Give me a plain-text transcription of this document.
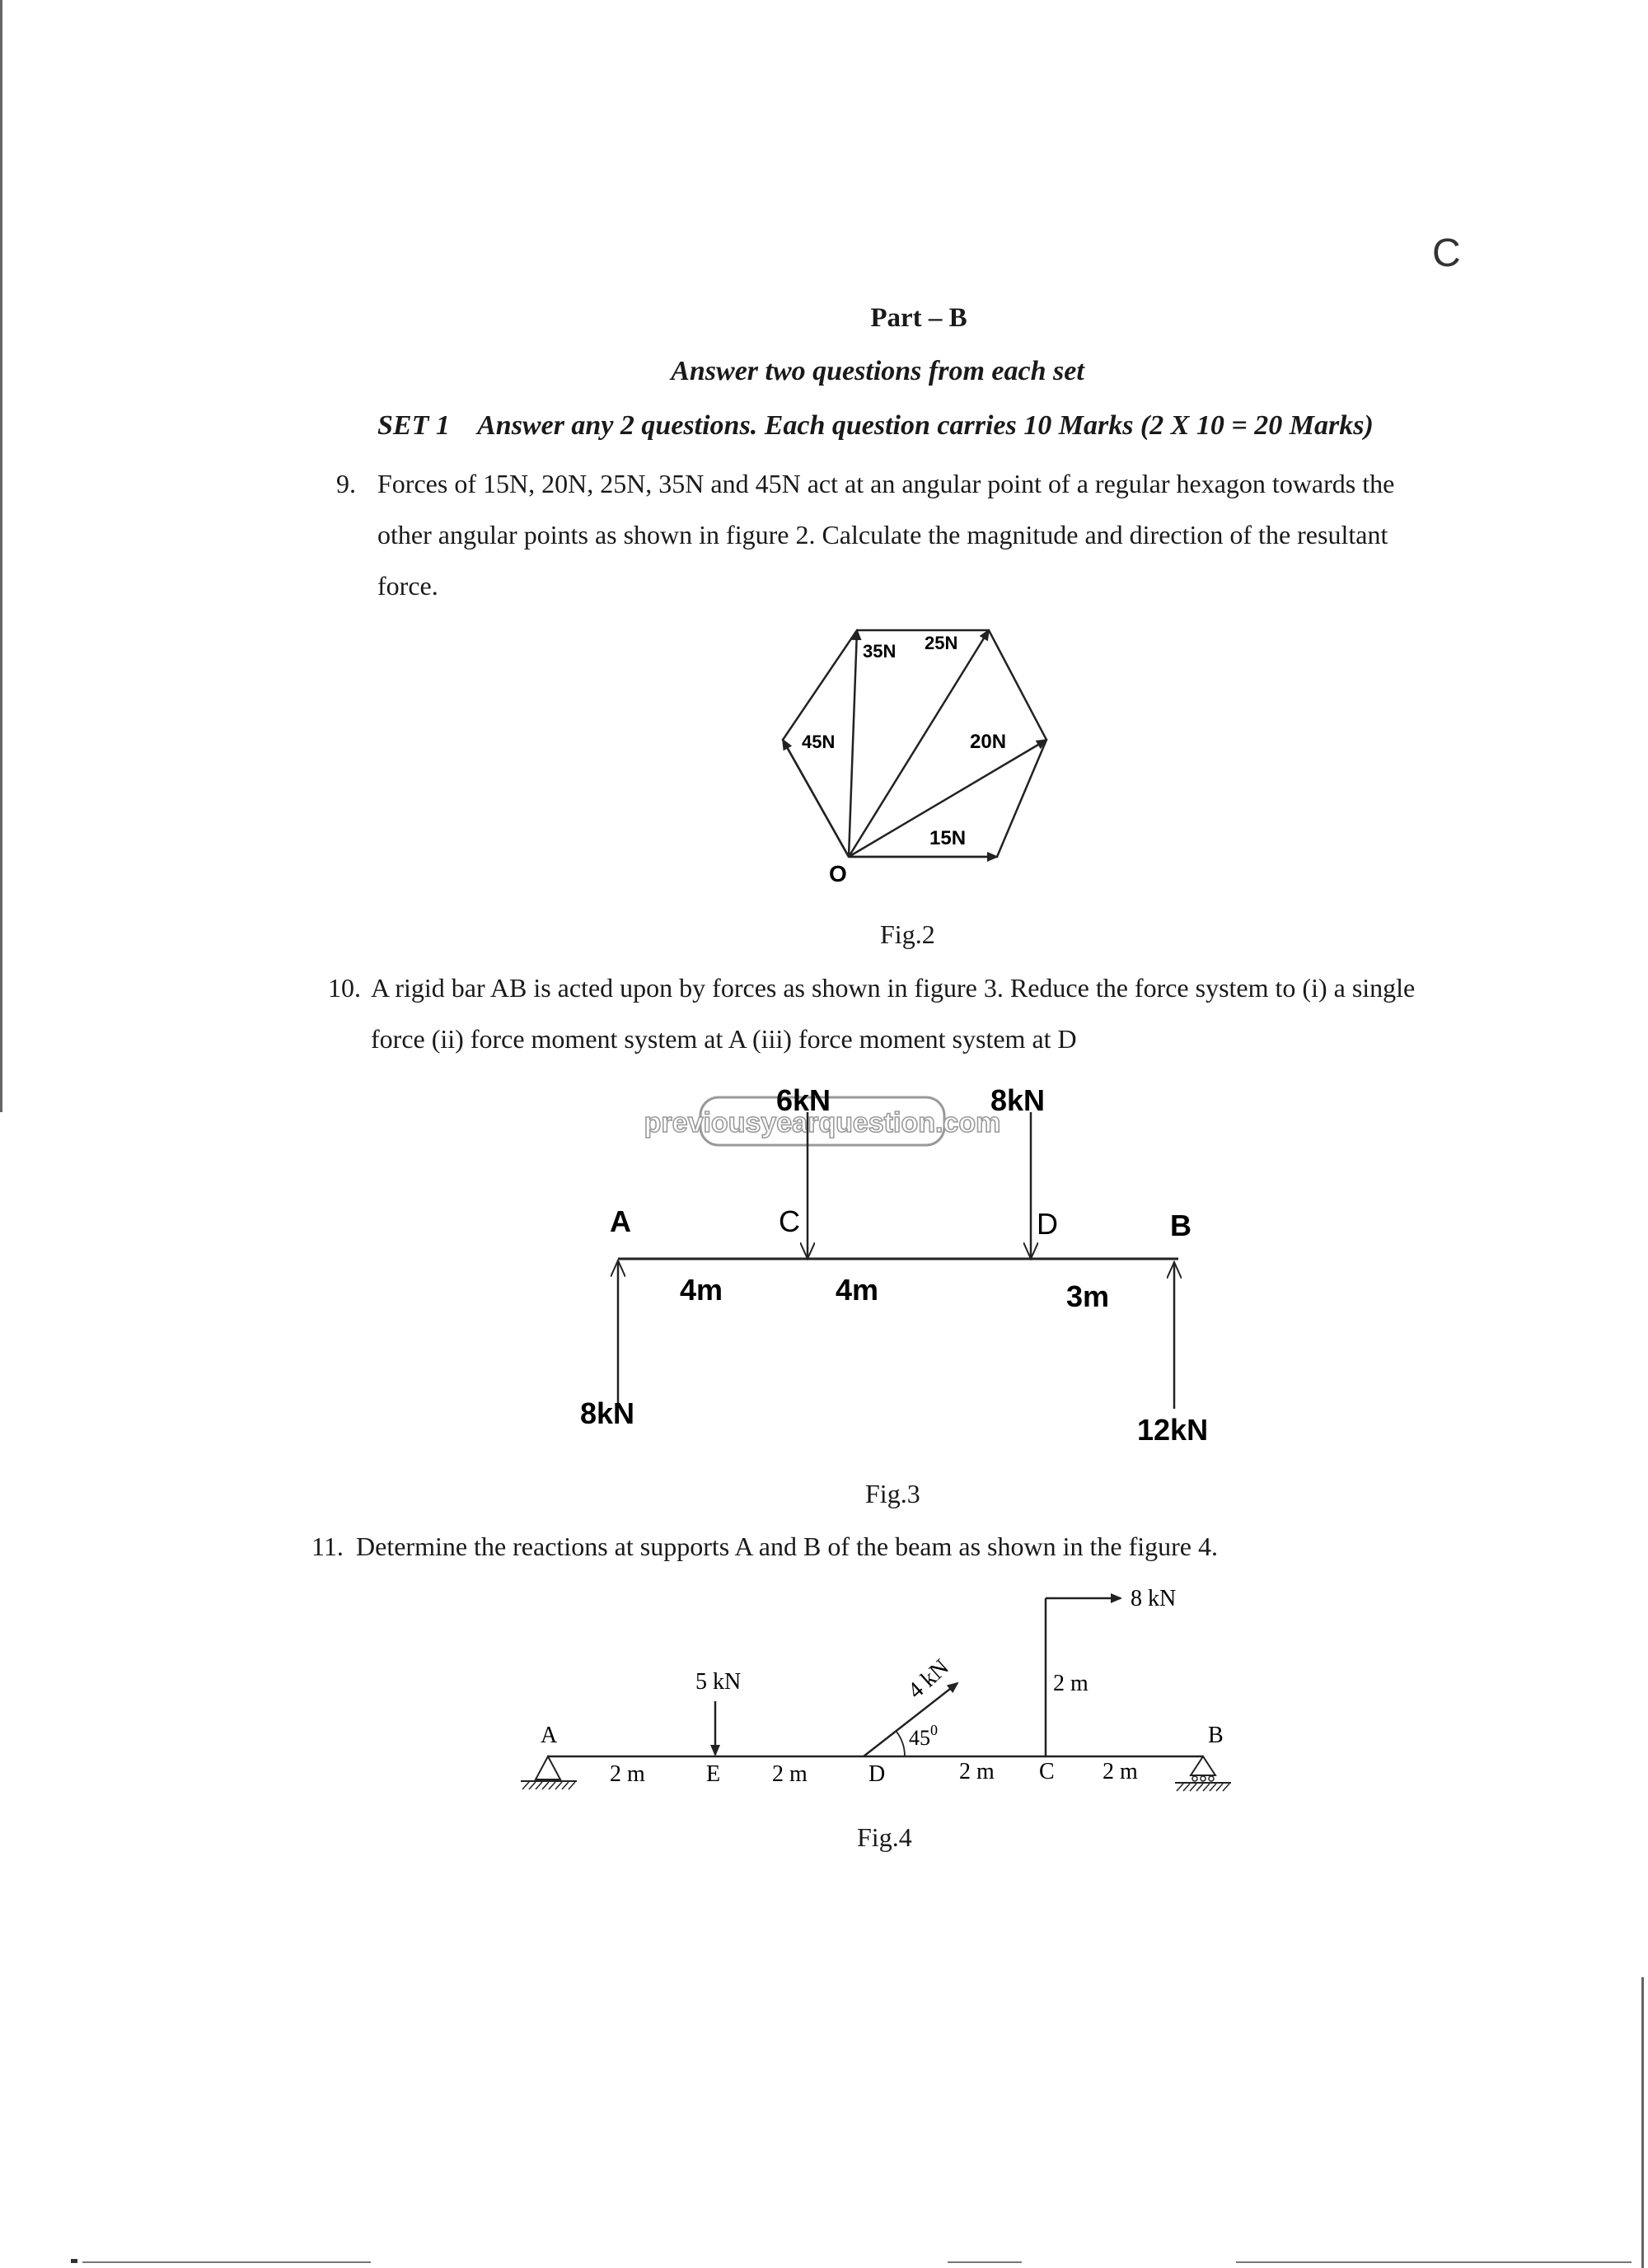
C
Part – B
Answer two questions from each set
SET 1 Answer any 2 questions. Each question carries 10 Marks (2 X 10 = 20 Marks)
9. Forces of 15N, 20N, 25N, 35N and 45N act at an angular point of a regular hexagon towards the other angular points as shown in figure 2. Calculate the magnitude and direction of the resultant force.
35N 25N
45N	20N
15N
O
Fig.2
10. A rigid bar AB is acted upon by forces as shown in figure 3. Reduce the force system to (i) a single force (ii) force moment system at A (iii) force moment system at D
previousyearquestion.com
A	C	D	B
6kN	8kN
8kN	12kN
4m	4m	3m
Fig.3
11. Determine the reactions at supports A and B of the beam as shown in the figure 4.
A
E	D	C
B
2 m	2 m	2 m	2 m
2 m
5 kN	4 kN
8 kN
$45^0$
Fig.4
